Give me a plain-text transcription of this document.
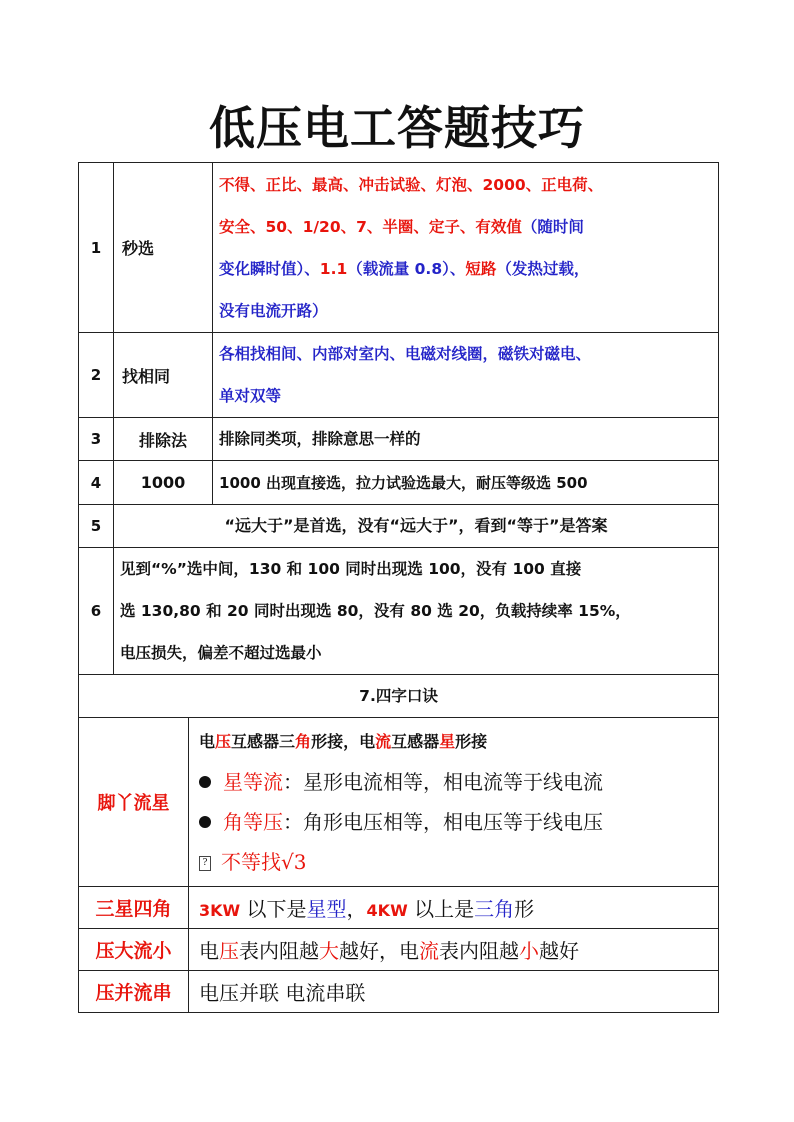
低压电工答题技巧
1	秒选		不得、正比、最高、冲击试验、灯泡、2000、正电荷、
安全、50、1/20、7、半圈、定子、有效值（随时间
变化瞬时值）、1.1（载流量 0.8）、短路（发热过载，
没有电流开路）

2	找相同		各相找相间、内部对室内、电磁对线圈，磁铁对磁电、
单对双等

3	排除法		排除同类项，排除意思一样的
4	1000		1000 出现直接选，拉力试验选最大，耐压等级选 500
5	“远大于”是首选，没有“远大于”，看到“等于”是答案		
6	见到“%”选中间，130 和 100 同时出现选 100，没有 100 直接
选 130,80 和 20 同时出现选 80，没有 80 选 20，负载持续率 15%，
电压损失，偏差不超过选最小		

7.四字口诀			
脚丫流星		电压互感器三角形接，电流互感器星形接
星等流：星形电流相等，相电流等于线电流
角等压：角形电压相等，相电压等于线电压
? 不等找√3	

三星四角		3KW 以下是星型，4KW 以上是三角形	
压大流小		电压表内阻越大越好，电流表内阻越小越好	
压并流串		电压并联 电流串联	
